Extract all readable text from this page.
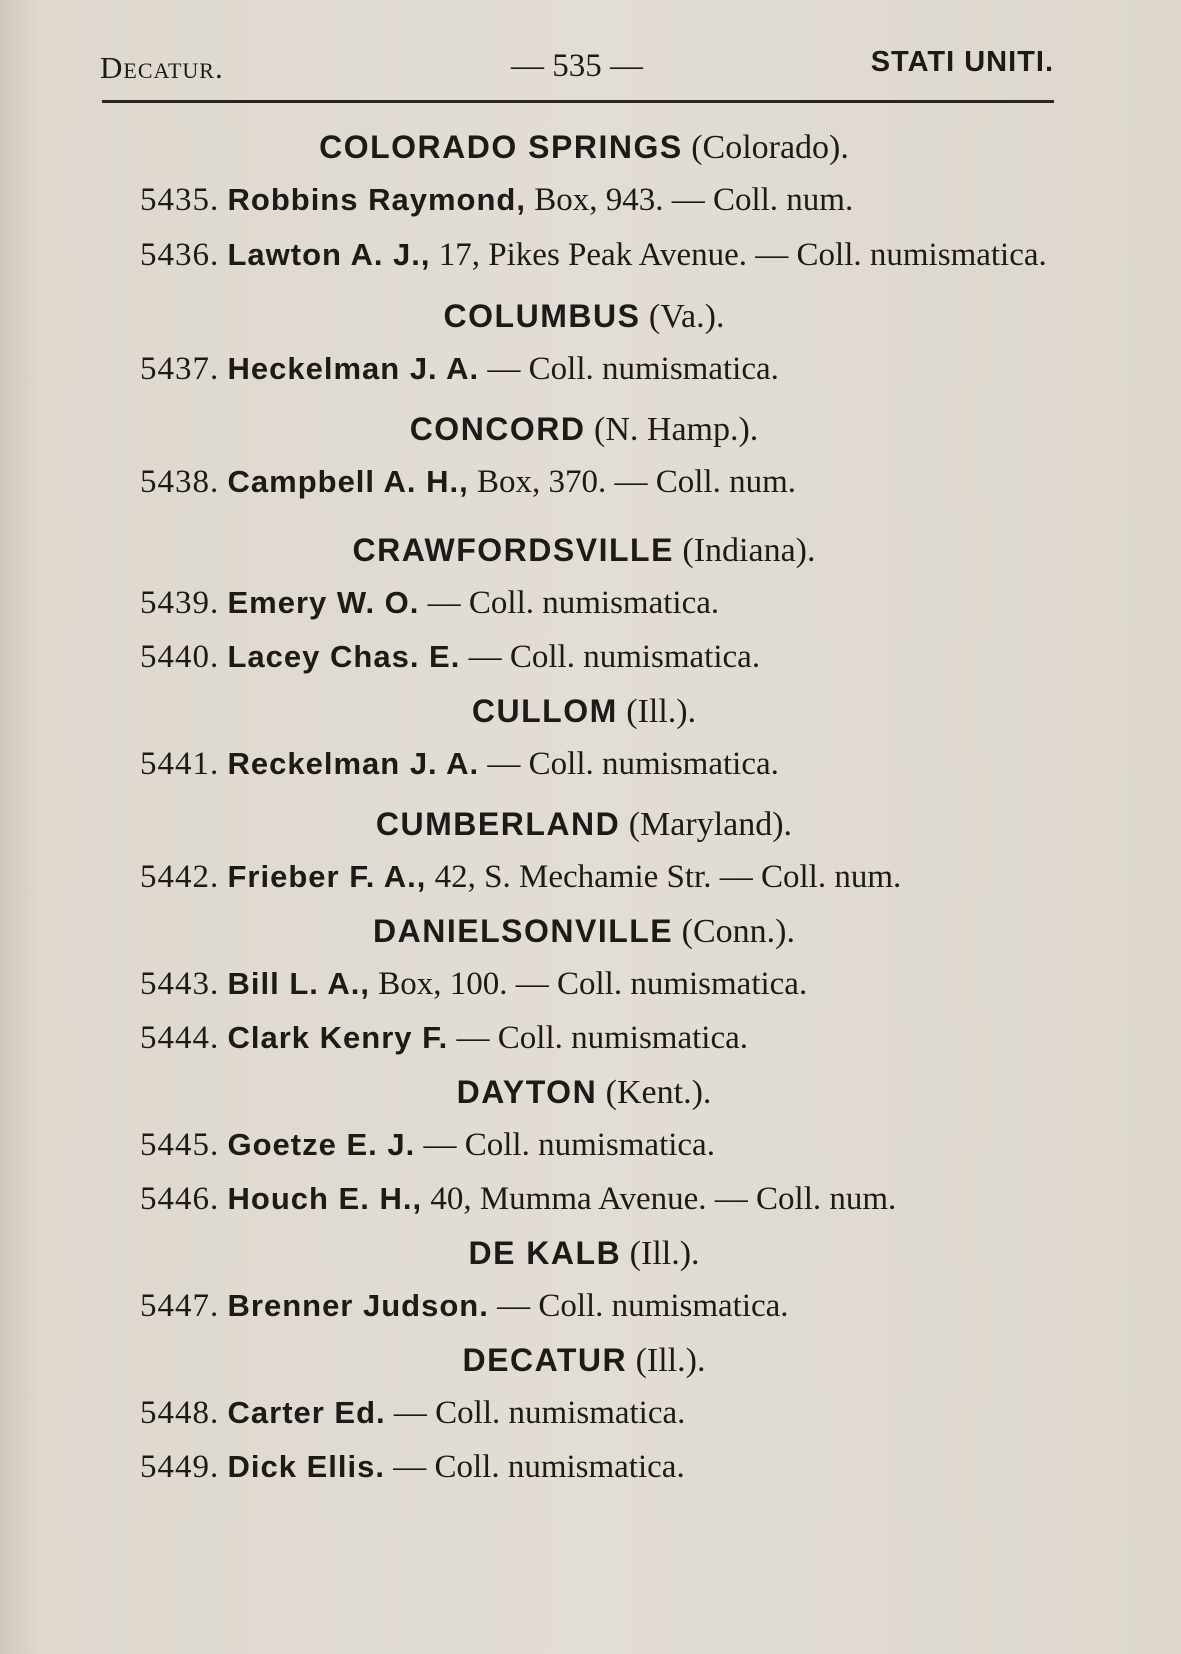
Decatur.	— 535 —	STATI UNITI.

COLORADO SPRINGS (Colorado).

5435. Robbins Raymond, Box, 943. — Coll. num.

5436. Lawton A. J., 17, Pikes Peak Avenue. — Coll. numismatica.

COLUMBUS (Va.).

5437. Heckelman J. A. — Coll. numismatica.

CONCORD (N. Hamp.).

5438. Campbell A. H., Box, 370. — Coll. num.

CRAWFORDSVILLE (Indiana).

5439. Emery W. O. — Coll. numismatica.

5440. Lacey Chas. E. — Coll. numismatica.

CULLOM (Ill.).

5441. Reckelman J. A. — Coll. numismatica.

CUMBERLAND (Maryland).

5442. Frieber F. A., 42, S. Mechamie Str. — Coll. num.

DANIELSONVILLE (Conn.).

5443. Bill L. A., Box, 100. — Coll. numismatica.

5444. Clark Kenry F. — Coll. numismatica.

DAYTON (Kent.).

5445. Goetze E. J. — Coll. numismatica.

5446. Houch E. H., 40, Mumma Avenue. — Coll. num.

DE KALB (Ill.).

5447. Brenner Judson. — Coll. numismatica.

DECATUR (Ill.).

5448. Carter Ed. — Coll. numismatica.

5449. Dick Ellis. — Coll. numismatica.
